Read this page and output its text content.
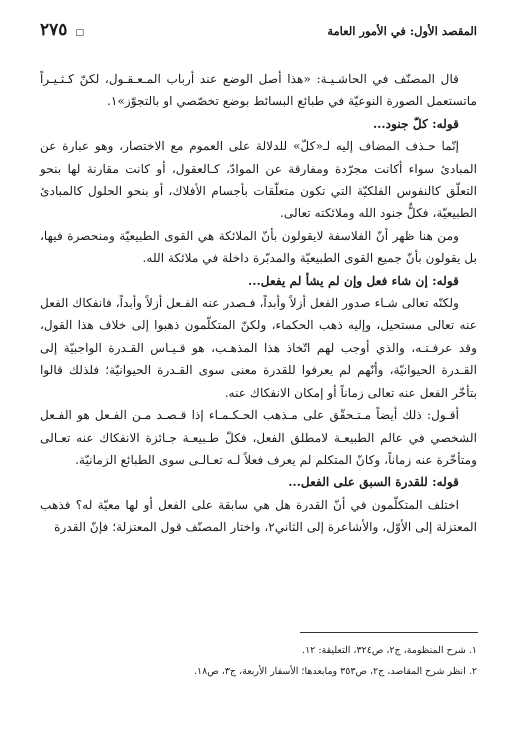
المقصد الأول: في الأمور العامة
□ ٢٧٥

قال المصنّف في الحاشـيـة: «هذا أصل الوضع عند أرباب المـعـقـول، لكنّ كـثـيـراً ماتستعمل الصورة النوعيّة في طبائع البسائط بوضع تخصّصي او بالتجوّز»١.

قوله: كلّ جنود...

إنّما حـذف المضاف إليه لـ«كلّ» للدلالة على العموم مع الاختصار، وهو عبارة عن المبادئ سواء أكانت مجرّدة ومفارقة عن الموادّ، كـالعقول، أو كانت مقارنة لها بنحو التعلّق كالنفوس الفلكيّة التي تكون متعلّقات بأجسام الأفلاك، أو بنحو الحلول كالمبادئ الطبيعيّة، فكلٌّ جنود الله وملائكته تعالى.

ومن هنا ظهر أنّ الفلاسفة لايقولون بأنّ الملائكة هي القوى الطبيعيّة ومنحصرة فيها، بل يقولون بأنّ جميع القوى الطبيعيّة والمدبّرة داخلة في ملائكة الله.

قوله: إن شاء فعل وإن لم يشأ لم يفعل...

ولكنّه تعالى شـاء صدور الفعل أزلاً وأبداً، فـصدر عنه الفـعل أزلاً وأبداً، فانفكاك الفعل عنه تعالى مستحيل، وإليه ذهب الحكماء، ولكنّ المتكلّمون ذهبوا إلى خلاف هذا القول، وقد عرفـتـه، والذي أوجب لهم اتّخاذ هذا المذهـب، هو قـيـاس القـدرة الواجبيّة إلى القـدرة الحيوانيّة، وأنّهم لم يعرفوا للقدرة معنى سوى القـدرة الحيوانيّة؛ فلذلك قالوا بتأخّر الفعل عنه تعالى زماناً أو إمكان الانفكاك عنه.

أقـول: ذلك أيضاً مـتـحقّق على مـذهب الحـكـمـاء إذا قـصـد مـن الفـعل هو الفـعل الشخصي في عالم الطبيعـة لامطلق الفعل، فكلّ طـبيعـة جـائزة الانفكاك عنه تعـالى ومتأخّرة عنه زماناً، وكانّ المتكلم لم يعرف فعلاً لـه تعـالـى سوى الطبائع الزمانيّة.

قوله: للقدرة السبق على الفعل...

اختلف المتكلّمون في أنّ القدرة هل هي سابقة على الفعل أو لها معيّة له؟ فذهب المعتزلة إلى الأوّل، والأشاعرة إلى الثاني٢، واختار المصنّف قول المعتزلة؛ فإنّ القدرة

١. شرح المنظومة، ج٢، ص٣٢٤، التعليقة: ١٢.

٢. انظر شرح المقاصد، ج٢، ص٣٥٣ ومابعدها؛ الأسفار الأربعة، ج٣، ص١٨.
